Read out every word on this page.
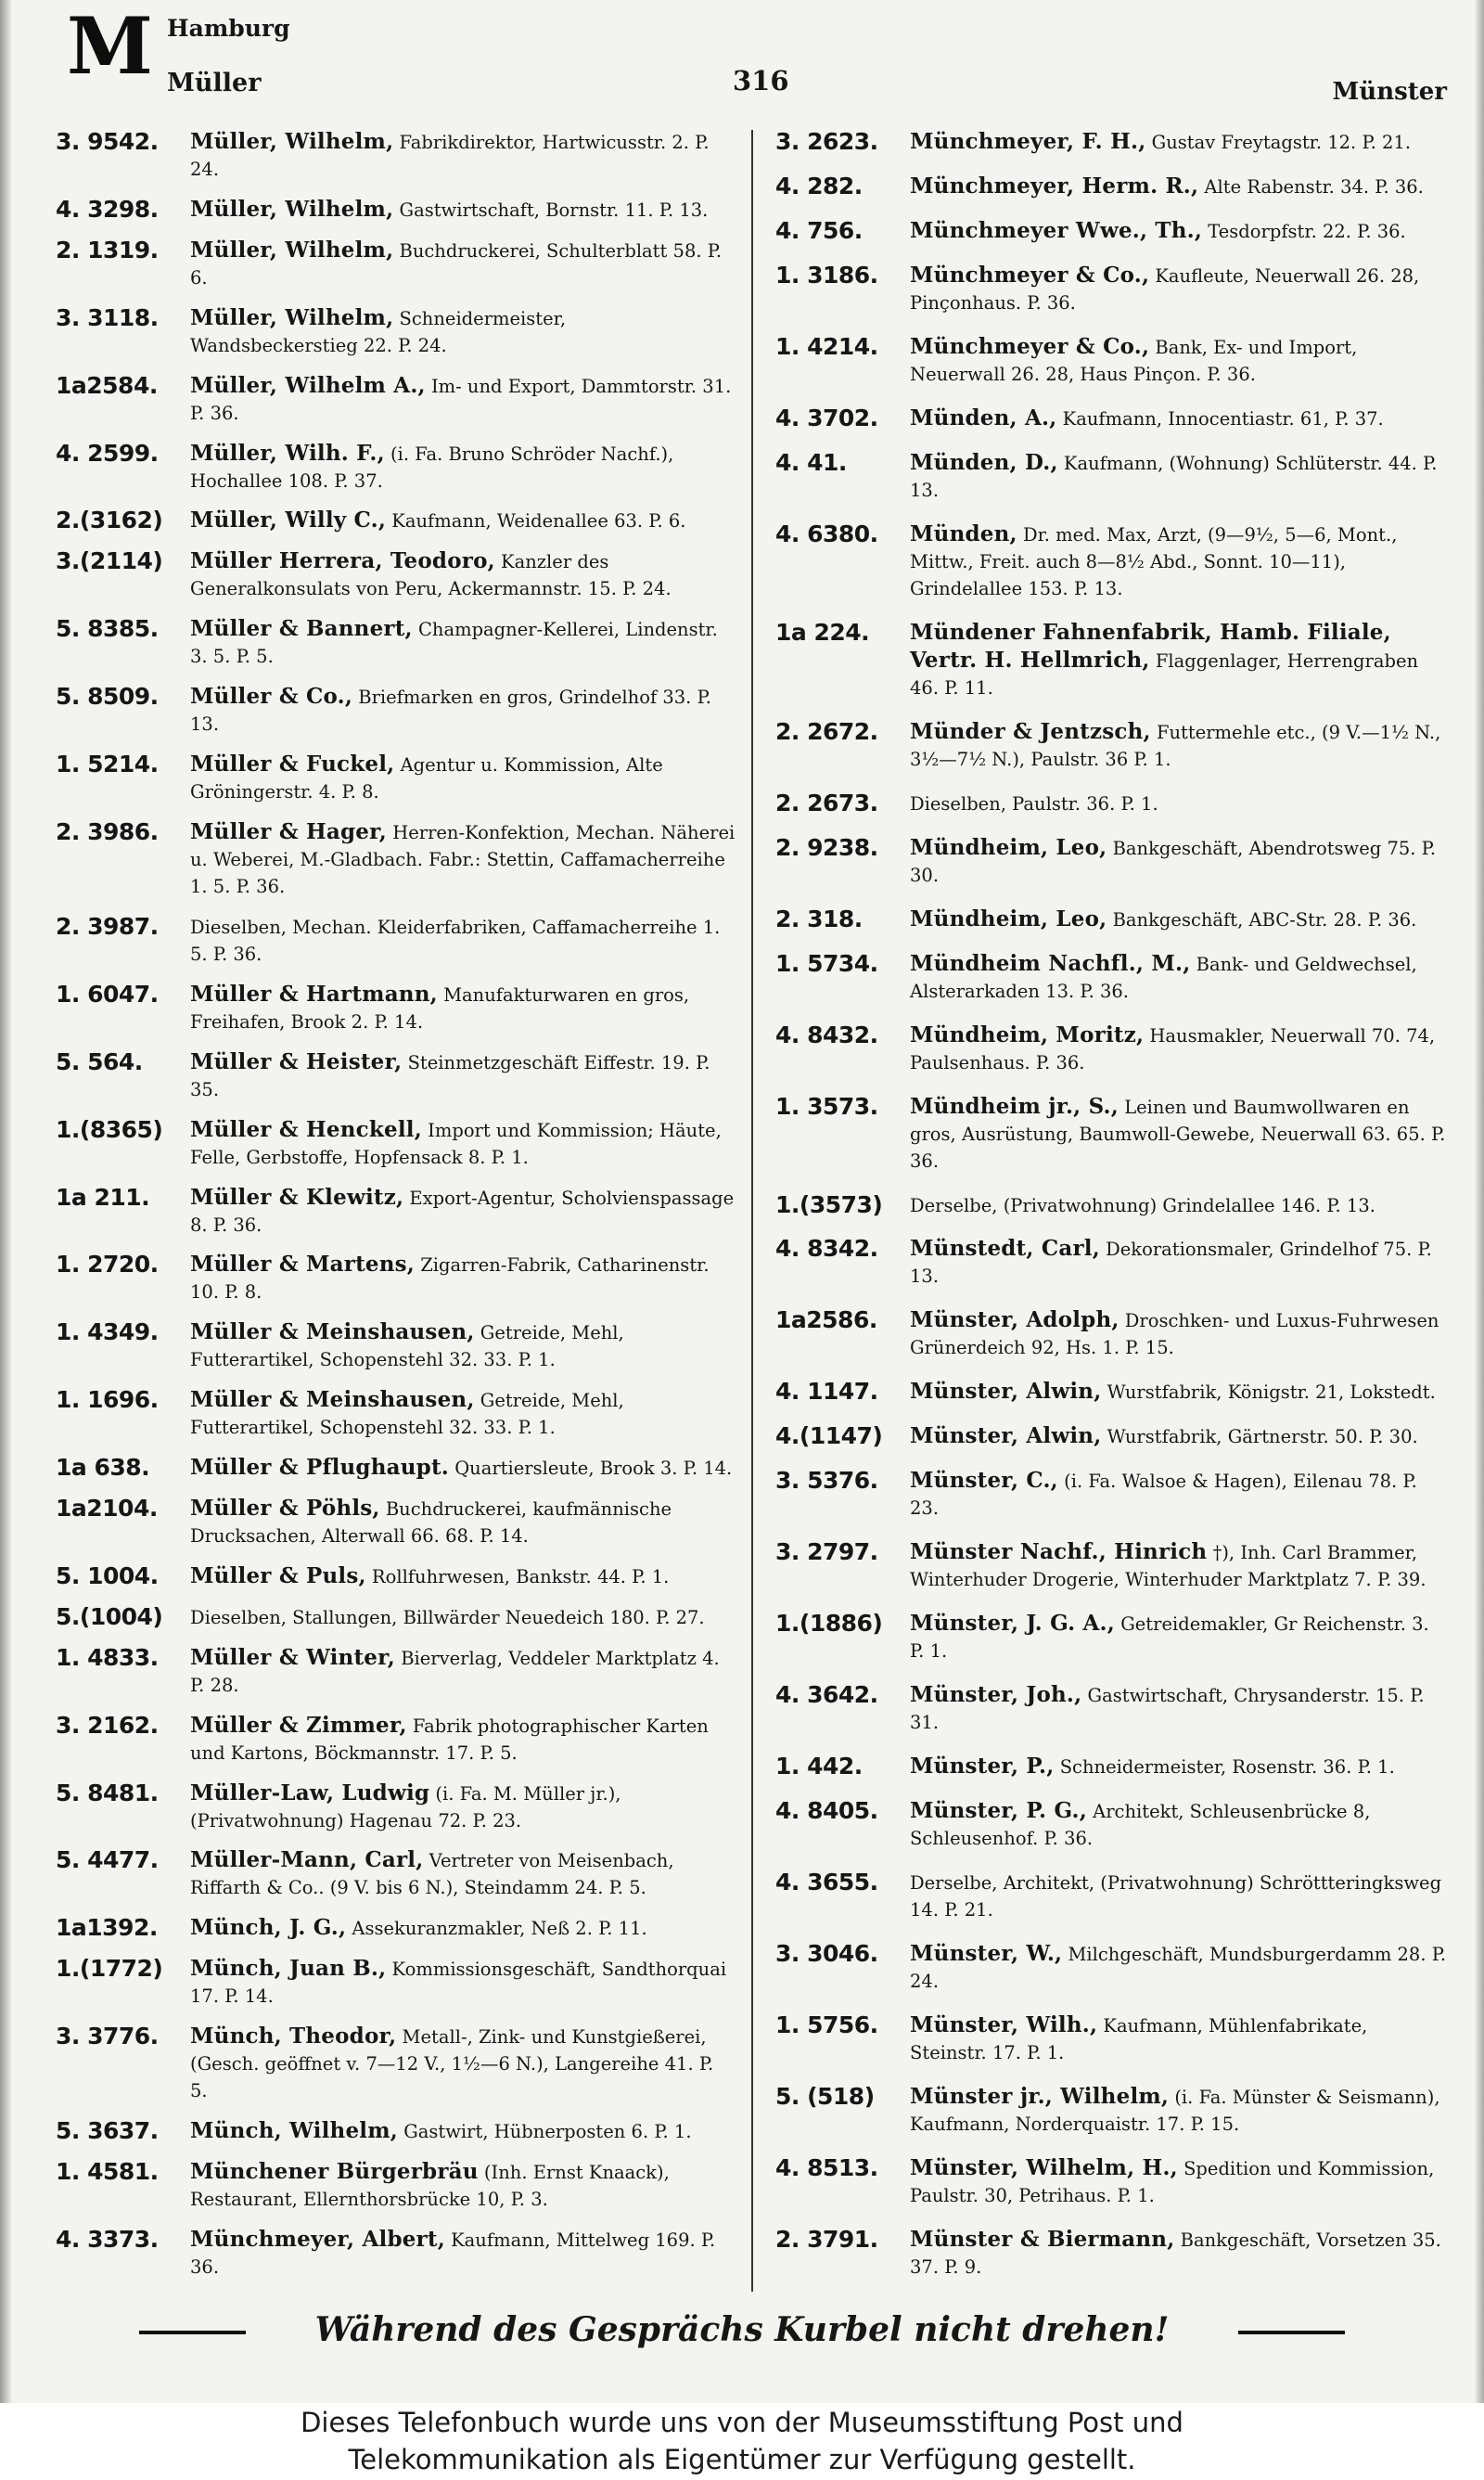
M Hamburg
Müller	316	Münster
3. 9542.	Müller, Wilhelm, Fabrikdirektor, Hartwicusstr. 2. P. 24.
4. 3298.	Müller, Wilhelm, Gastwirtschaft, Bornstr. 11. P. 13.
2. 1319.	Müller, Wilhelm, Buchdruckerei, Schulterblatt 58. P. 6.
3. 3118.	Müller, Wilhelm, Schneidermeister, Wandsbeckerstieg 22. P. 24.
1a2584.	Müller, Wilhelm A., Im- und Export, Dammtorstr. 31. P. 36.
4. 2599.	Müller, Wilh. F., (i. Fa. Bruno Schröder Nachf.), Hochallee 108. P. 37.
2.(3162)	Müller, Willy C., Kaufmann, Weidenallee 63. P. 6.
3.(2114)	Müller Herrera, Teodoro, Kanzler des Generalkonsulats von Peru, Ackermannstr. 15. P. 24.
5. 8385.	Müller & Bannert, Champagner-Kellerei, Lindenstr. 3. 5. P. 5.
5. 8509.	Müller & Co., Briefmarken en gros, Grindelhof 33. P. 13.
1. 5214.	Müller & Fuckel, Agentur u. Kommission, Alte Gröningerstr. 4. P. 8.
2. 3986.	Müller & Hager, Herren-Konfektion, Mechan. Näherei u. Weberei, M.-Gladbach. Fabr.: Stettin, Caffamacherreihe 1. 5. P. 36.
2. 3987.	Dieselben, Mechan. Kleiderfabriken, Caffamacherreihe 1. 5. P. 36.
1. 6047.	Müller & Hartmann, Manufakturwaren en gros, Freihafen, Brook 2. P. 14.
5. 564.	Müller & Heister, Steinmetzgeschäft Eiffestr. 19. P. 35.
1.(8365)	Müller & Henckell, Import und Kommission; Häute, Felle, Gerbstoffe, Hopfensack 8. P. 1.
1a 211.	Müller & Klewitz, Export-Agentur, Scholvienspassage 8. P. 36.
1. 2720.	Müller & Martens, Zigarren-Fabrik, Catharinenstr. 10. P. 8.
1. 4349.	Müller & Meinshausen, Getreide, Mehl, Futterartikel, Schopenstehl 32. 33. P. 1.
1. 1696.	Müller & Meinshausen, Getreide, Mehl, Futterartikel, Schopenstehl 32. 33. P. 1.
1a 638.	Müller & Pflughaupt. Quartiersleute, Brook 3. P. 14.
1a2104.	Müller & Pöhls, Buchdruckerei, kaufmännische Drucksachen, Alterwall 66. 68. P. 14.
5. 1004.	Müller & Puls, Rollfuhrwesen, Bankstr. 44. P. 1.
5.(1004)	Dieselben, Stallungen, Billwärder Neuedeich 180. P. 27.
1. 4833.	Müller & Winter, Bierverlag, Veddeler Marktplatz 4. P. 28.
3. 2162.	Müller & Zimmer, Fabrik photographischer Karten und Kartons, Böckmannstr. 17. P. 5.
5. 8481.	Müller-Law, Ludwig (i. Fa. M. Müller jr.), (Privatwohnung) Hagenau 72. P. 23.
5. 4477.	Müller-Mann, Carl, Vertreter von Meisenbach, Riffarth & Co.. (9 V. bis 6 N.), Steindamm 24. P. 5.
1a1392.	Münch, J. G., Assekuranzmakler, Neß 2. P. 11.
1.(1772)	Münch, Juan B., Kommissionsgeschäft, Sandthorquai 17. P. 14.
3. 3776.	Münch, Theodor, Metall-, Zink- und Kunstgießerei, (Gesch. geöffnet v. 7—12 V., 1½—6 N.), Langereihe 41. P. 5.
5. 3637.	Münch, Wilhelm, Gastwirt, Hübnerposten 6. P. 1.
1. 4581.	Münchener Bürgerbräu (Inh. Ernst Knaack), Restaurant, Ellernthorsbrücke 10, P. 3.
4. 3373.	Münchmeyer, Albert, Kaufmann, Mittelweg 169. P. 36.
3. 2623.	Münchmeyer, F. H., Gustav Freytagstr. 12. P. 21.
4. 282.	Münchmeyer, Herm. R., Alte Rabenstr. 34. P. 36.
4. 756.	Münchmeyer Wwe., Th., Tesdorpfstr. 22. P. 36.
1. 3186.	Münchmeyer & Co., Kaufleute, Neuerwall 26. 28, Pinçonhaus. P. 36.
1. 4214.	Münchmeyer & Co., Bank, Ex- und Import, Neuerwall 26. 28, Haus Pinçon. P. 36.
4. 3702.	Münden, A., Kaufmann, Innocentiastr. 61, P. 37.
4. 41.	Münden, D., Kaufmann, (Wohnung) Schlüterstr. 44. P. 13.
4. 6380.	Münden, Dr. med. Max, Arzt, (9—9½, 5—6, Mont., Mittw., Freit. auch 8—8½ Abd., Sonnt. 10—11), Grindelallee 153. P. 13.
1a 224.	Mündener Fahnenfabrik, Hamb. Filiale, Vertr. H. Hellmrich, Flaggenlager, Herrengraben 46. P. 11.
2. 2672.	Münder & Jentzsch, Futtermehle etc., (9 V.—1½ N., 3½—7½ N.), Paulstr. 36 P. 1.
2. 2673.	Dieselben, Paulstr. 36. P. 1.
2. 9238.	Mündheim, Leo, Bankgeschäft, Abendrotsweg 75. P. 30.
2. 318.	Mündheim, Leo, Bankgeschäft, ABC-Str. 28. P. 36.
1. 5734.	Mündheim Nachfl., M., Bank- und Geldwechsel, Alsterarkaden 13. P. 36.
4. 8432.	Mündheim, Moritz, Hausmakler, Neuerwall 70. 74, Paulsenhaus. P. 36.
1. 3573.	Mündheim jr., S., Leinen und Baumwollwaren en gros, Ausrüstung, Baumwoll-Gewebe, Neuerwall 63. 65. P. 36.
1.(3573)	Derselbe, (Privatwohnung) Grindelallee 146. P. 13.
4. 8342.	Münstedt, Carl, Dekorationsmaler, Grindelhof 75. P. 13.
1a2586.	Münster, Adolph, Droschken- und Luxus-Fuhrwesen Grünerdeich 92, Hs. 1. P. 15.
4. 1147.	Münster, Alwin, Wurstfabrik, Königstr. 21, Lokstedt.
4.(1147)	Münster, Alwin, Wurstfabrik, Gärtnerstr. 50. P. 30.
3. 5376.	Münster, C., (i. Fa. Walsoe & Hagen), Eilenau 78. P. 23.
3. 2797.	Münster Nachf., Hinrich †), Inh. Carl Brammer, Winterhuder Drogerie, Winterhuder Marktplatz 7. P. 39.
1.(1886)	Münster, J. G. A., Getreidemakler, Gr Reichenstr. 3. P. 1.
4. 3642.	Münster, Joh., Gastwirtschaft, Chrysanderstr. 15. P. 31.
1. 442.	Münster, P., Schneidermeister, Rosenstr. 36. P. 1.
4. 8405.	Münster, P. G., Architekt, Schleusenbrücke 8, Schleusenhof. P. 36.
4. 3655.	Derselbe, Architekt, (Privatwohnung) Schröttteringksweg 14. P. 21.
3. 3046.	Münster, W., Milchgeschäft, Mundsburgerdamm 28. P. 24.
1. 5756.	Münster, Wilh., Kaufmann, Mühlenfabrikate, Steinstr. 17. P. 1.
5. (518)	Münster jr., Wilhelm, (i. Fa. Münster & Seismann), Kaufmann, Norderquaistr. 17. P. 15.
4. 8513.	Münster, Wilhelm, H., Spedition und Kommission, Paulstr. 30, Petrihaus. P. 1.
2. 3791.	Münster & Biermann, Bankgeschäft, Vorsetzen 35. 37. P. 9.
Während des Gesprächs Kurbel nicht drehen!
Dieses Telefonbuch wurde uns von der Museumsstiftung Post und
Telekommunikation als Eigentümer zur Verfügung gestellt.
